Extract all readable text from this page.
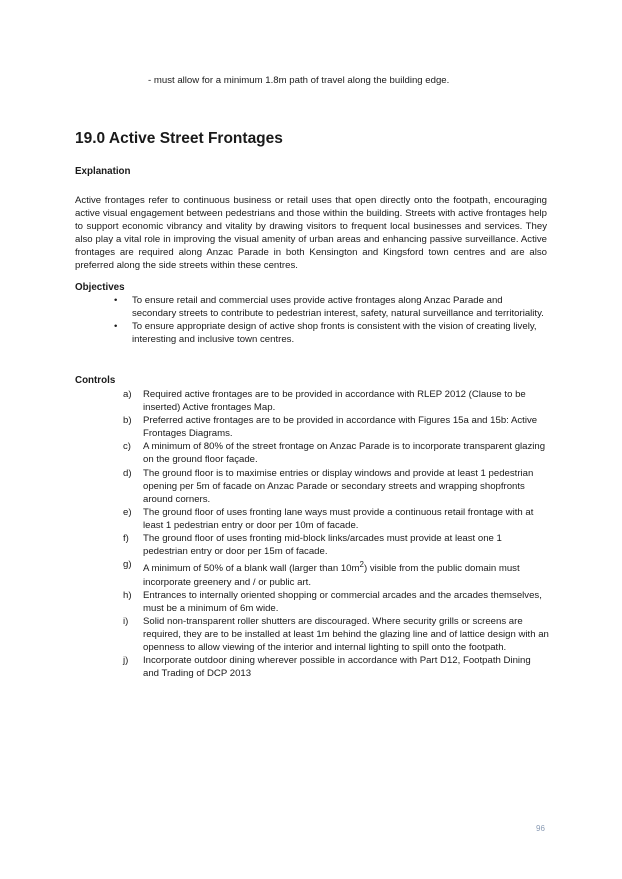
- must allow for a minimum 1.8m path of travel along the building edge.
19.0 Active Street Frontages
Explanation

Active frontages refer to continuous business or retail uses that open directly onto the footpath, encouraging active visual engagement between pedestrians and those within the building. Streets with active frontages help to support economic vibrancy and vitality by drawing visitors to frequent local businesses and services. They also play a vital role in improving the visual amenity of urban areas and enhancing passive surveillance. Active frontages are required along Anzac Parade in both Kensington and Kingsford town centres and are also preferred along the side streets within these centres.

Objectives
• To ensure retail and commercial uses provide active frontages along Anzac Parade and secondary streets to contribute to pedestrian interest, safety, natural surveillance and territoriality.
• To ensure appropriate design of active shop fronts is consistent with the vision of creating lively, interesting and inclusive town centres.
Controls
a) Required active frontages are to be provided in accordance with RLEP 2012 (Clause to be inserted) Active frontages Map.
b) Preferred active frontages are to be provided in accordance with Figures 15a and 15b: Active Frontages Diagrams.
c) A minimum of 80% of the street frontage on Anzac Parade is to incorporate transparent glazing on the ground floor façade.
d) The ground floor is to maximise entries or display windows and provide at least 1 pedestrian opening per 5m of facade on Anzac Parade or secondary streets and wrapping shopfronts around corners.
e) The ground floor of uses fronting lane ways must provide a continuous retail frontage with at least 1 pedestrian entry or door per 10m of facade.
f) The ground floor of uses fronting mid-block links/arcades must provide at least one 1 pedestrian entry or door per 15m of facade.
g) A minimum of 50% of a blank wall (larger than $10m^2$) visible from the public domain must incorporate greenery and / or public art.
h) Entrances to internally oriented shopping or commercial arcades and the arcades themselves, must be a minimum of 6m wide.
i) Solid non-transparent roller shutters are discouraged. Where security grills or screens are required, they are to be installed at least 1m behind the glazing line and of lattice design with an openness to allow viewing of the interior and internal lighting to spill onto the footpath.
j) Incorporate outdoor dining wherever possible in accordance with Part D12, Footpath Dining and Trading of DCP 2013
96
